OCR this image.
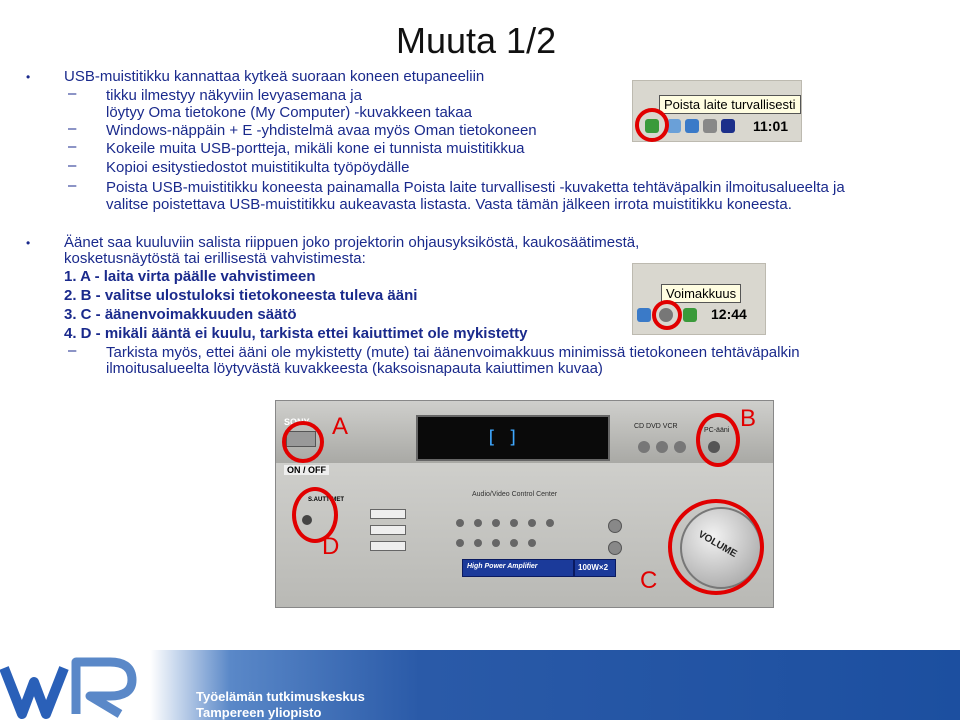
Muuta 1/2
• USB-muistitikku kannattaa kytkeä suoraan koneen etupaneeliin
tikku ilmestyy näkyviin levyasemana ja
–
löytyy Oma tietokone (My Computer) -kuvakkeen takaa
– Windows-näppäin + E -yhdistelmä avaa myös Oman tietokoneen
– Kokeile muita USB-portteja, mikäli kone ei tunnista muistitikkua
– Kopioi esitystiedostot muistitikulta työpöydälle
– Poista USB-muistitikku koneesta painamalla Poista laite turvallisesti -kuvaketta tehtäväpalkin ilmoitusalueelta ja
valitse poistettava USB-muistitikku aukeavasta listasta. Vasta tämän jälkeen irrota muistitikku koneesta.
Poista laite turvallisesti
11:01
• Äänet saa kuuluviin salista riippuen joko projektorin ohjausyksiköstä, kaukosäätimestä,
kosketusnäytöstä tai erillisestä vahvistimesta:
1. A - laita virta päälle vahvistimeen
2. B - valitse ulostuloksi tietokoneesta tuleva ääni
3. C - äänenvoimakkuuden säätö
4. D - mikäli ääntä ei kuulu, tarkista ettei kaiuttimet ole mykistetty
– Tarkista myös, ettei ääni ole mykistetty (mute) tai äänenvoimakkuus minimissä tietokoneen tehtäväpalkin
ilmoitusalueelta löytyvästä kuvakkeesta (kaksoisnapauta kaiuttimen kuvaa)
Voimakkuus
12:44
SONY
[ ]
CD DVD VCR
PC-ääni
ON / OFF
S.AUTTIMET
Audio/Video Control Center
High Power Amplifier	100W×2
VOLUME
A	B
D
C
Työelämän tutkimuskeskus
Tampereen yliopisto
